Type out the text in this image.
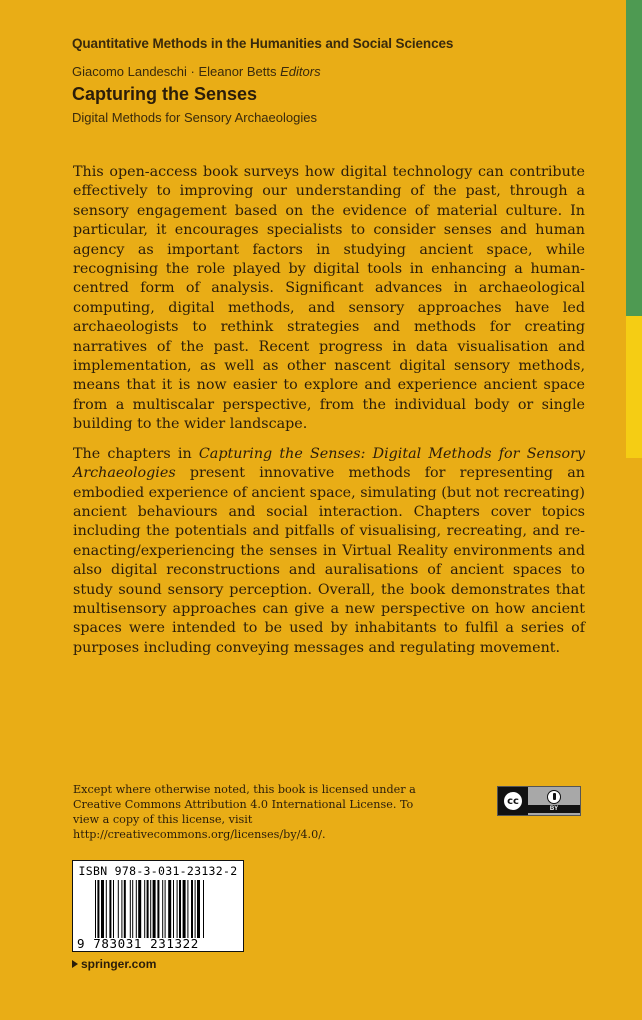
Quantitative Methods in the Humanities and Social Sciences
Giacomo Landeschi · Eleanor Betts Editors
Capturing the Senses
Digital Methods for Sensory Archaeologies

This open-access book surveys how digital technology can contribute effectively to improving our understanding of the past, through a sensory engagement based on the evidence of material culture. In particular, it encourages specialists to consider senses and human agency as important factors in studying ancient space, while recognising the role played by digital tools in enhancing a human-centred form of analysis. Significant advances in archaeological computing, digital methods, and sensory approaches have led archaeologists to rethink strategies and methods for creating narratives of the past. Recent progress in data visualisation and implementation, as well as other nascent digital sensory methods, means that it is now easier to explore and experience ancient space from a multiscalar perspective, from the individual body or single building to the wider landscape.

The chapters in Capturing the Senses: Digital Methods for Sensory Archaeologies present innovative methods for representing an embodied experience of ancient space, simulating (but not recreating) ancient behaviours and social interaction. Chapters cover topics including the potentials and pitfalls of visualising, recreating, and re-enacting/experiencing the senses in Virtual Reality environments and also digital reconstructions and auralisations of ancient spaces to study sound sensory perception. Overall, the book demonstrates that multisensory approaches can give a new perspective on how ancient spaces were intended to be used by inhabitants to fulfil a series of purposes including conveying messages and regulating movement.

Except where otherwise noted, this book is licensed under a Creative Commons Attribution 4.0 International License. To view a copy of this license, visit http://creativecommons.org/licenses/by/4.0/.
cc
BY
ISBN 978-3-031-23132-2
9 783031 231322
springer.com
